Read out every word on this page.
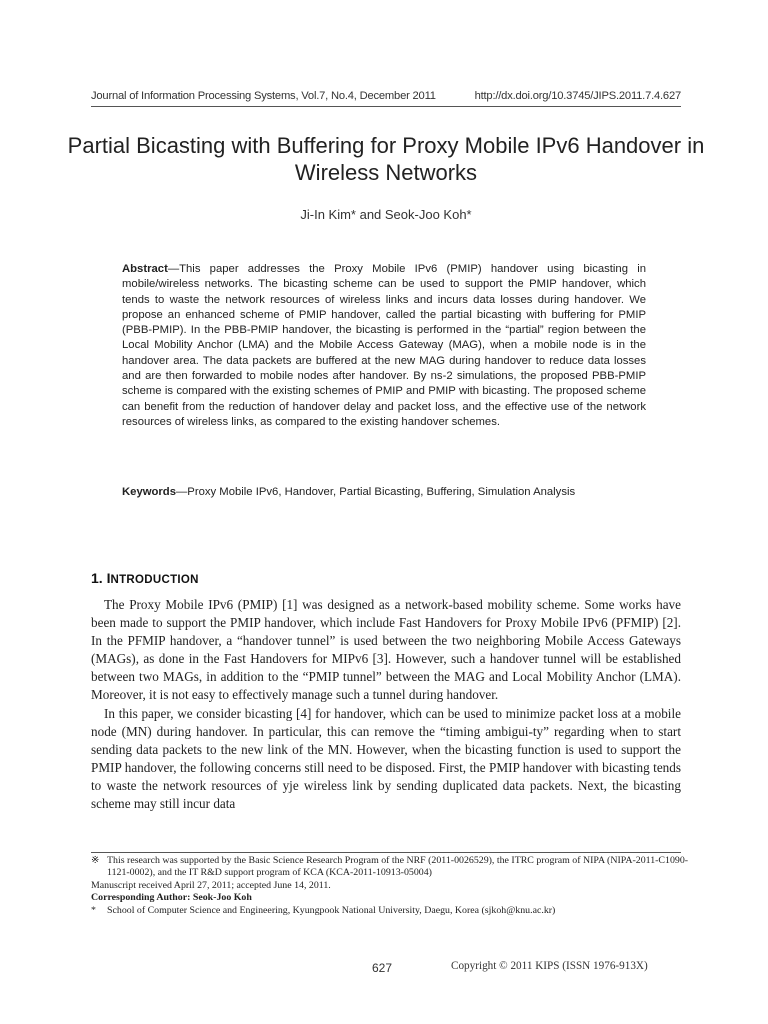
Journal of Information Processing Systems, Vol.7, No.4, December 2011	http://dx.doi.org/10.3745/JIPS.2011.7.4.627
Partial Bicasting with Buffering for Proxy Mobile IPv6 Handover in Wireless Networks
Ji-In Kim* and Seok-Joo Koh*
Abstract—This paper addresses the Proxy Mobile IPv6 (PMIP) handover using bicasting in mobile/wireless networks. The bicasting scheme can be used to support the PMIP handover, which tends to waste the network resources of wireless links and incurs data losses during handover. We propose an enhanced scheme of PMIP handover, called the partial bicasting with buffering for PMIP (PBB-PMIP). In the PBB-PMIP handover, the bicasting is performed in the “partial” region between the Local Mobility Anchor (LMA) and the Mobile Access Gateway (MAG), when a mobile node is in the handover area. The data packets are buffered at the new MAG during handover to reduce data losses and are then forwarded to mobile nodes after handover. By ns-2 simulations, the proposed PBB-PMIP scheme is compared with the existing schemes of PMIP and PMIP with bicasting. The proposed scheme can benefit from the reduction of handover delay and packet loss, and the effective use of the network resources of wireless links, as compared to the existing handover schemes.
Keywords—Proxy Mobile IPv6, Handover, Partial Bicasting, Buffering, Simulation Analysis
1. INTRODUCTION

The Proxy Mobile IPv6 (PMIP) [1] was designed as a network-based mobility scheme. Some works have been made to support the PMIP handover, which include Fast Handovers for Proxy Mobile IPv6 (PFMIP) [2]. In the PFMIP handover, a “handover tunnel” is used between the two neighboring Mobile Access Gateways (MAGs), as done in the Fast Handovers for MIPv6 [3]. However, such a handover tunnel will be established between two MAGs, in addition to the “PMIP tunnel” between the MAG and Local Mobility Anchor (LMA). Moreover, it is not easy to effectively manage such a tunnel during handover.

In this paper, we consider bicasting [4] for handover, which can be used to minimize packet loss at a mobile node (MN) during handover. In particular, this can remove the “timing ambigui-ty” regarding when to start sending data packets to the new link of the MN. However, when the bicasting function is used to support the PMIP handover, the following concerns still need to be disposed. First, the PMIP handover with bicasting tends to waste the network resources of yje wireless link by sending duplicated data packets. Next, the bicasting scheme may still incur data

※ This research was supported by the Basic Science Research Program of the NRF (2011-0026529), the ITRC program of NIPA (NIPA-2011-C1090-1121-0002), and the IT R&D support program of KCA (KCA-2011-10913-05004)

Manuscript received April 27, 2011; accepted June 14, 2011.

Corresponding Author: Seok-Joo Koh

* School of Computer Science and Engineering, Kyungpook National University, Daegu, Korea (sjkoh@knu.ac.kr)

627	Copyright © 2011 KIPS (ISSN 1976-913X)
